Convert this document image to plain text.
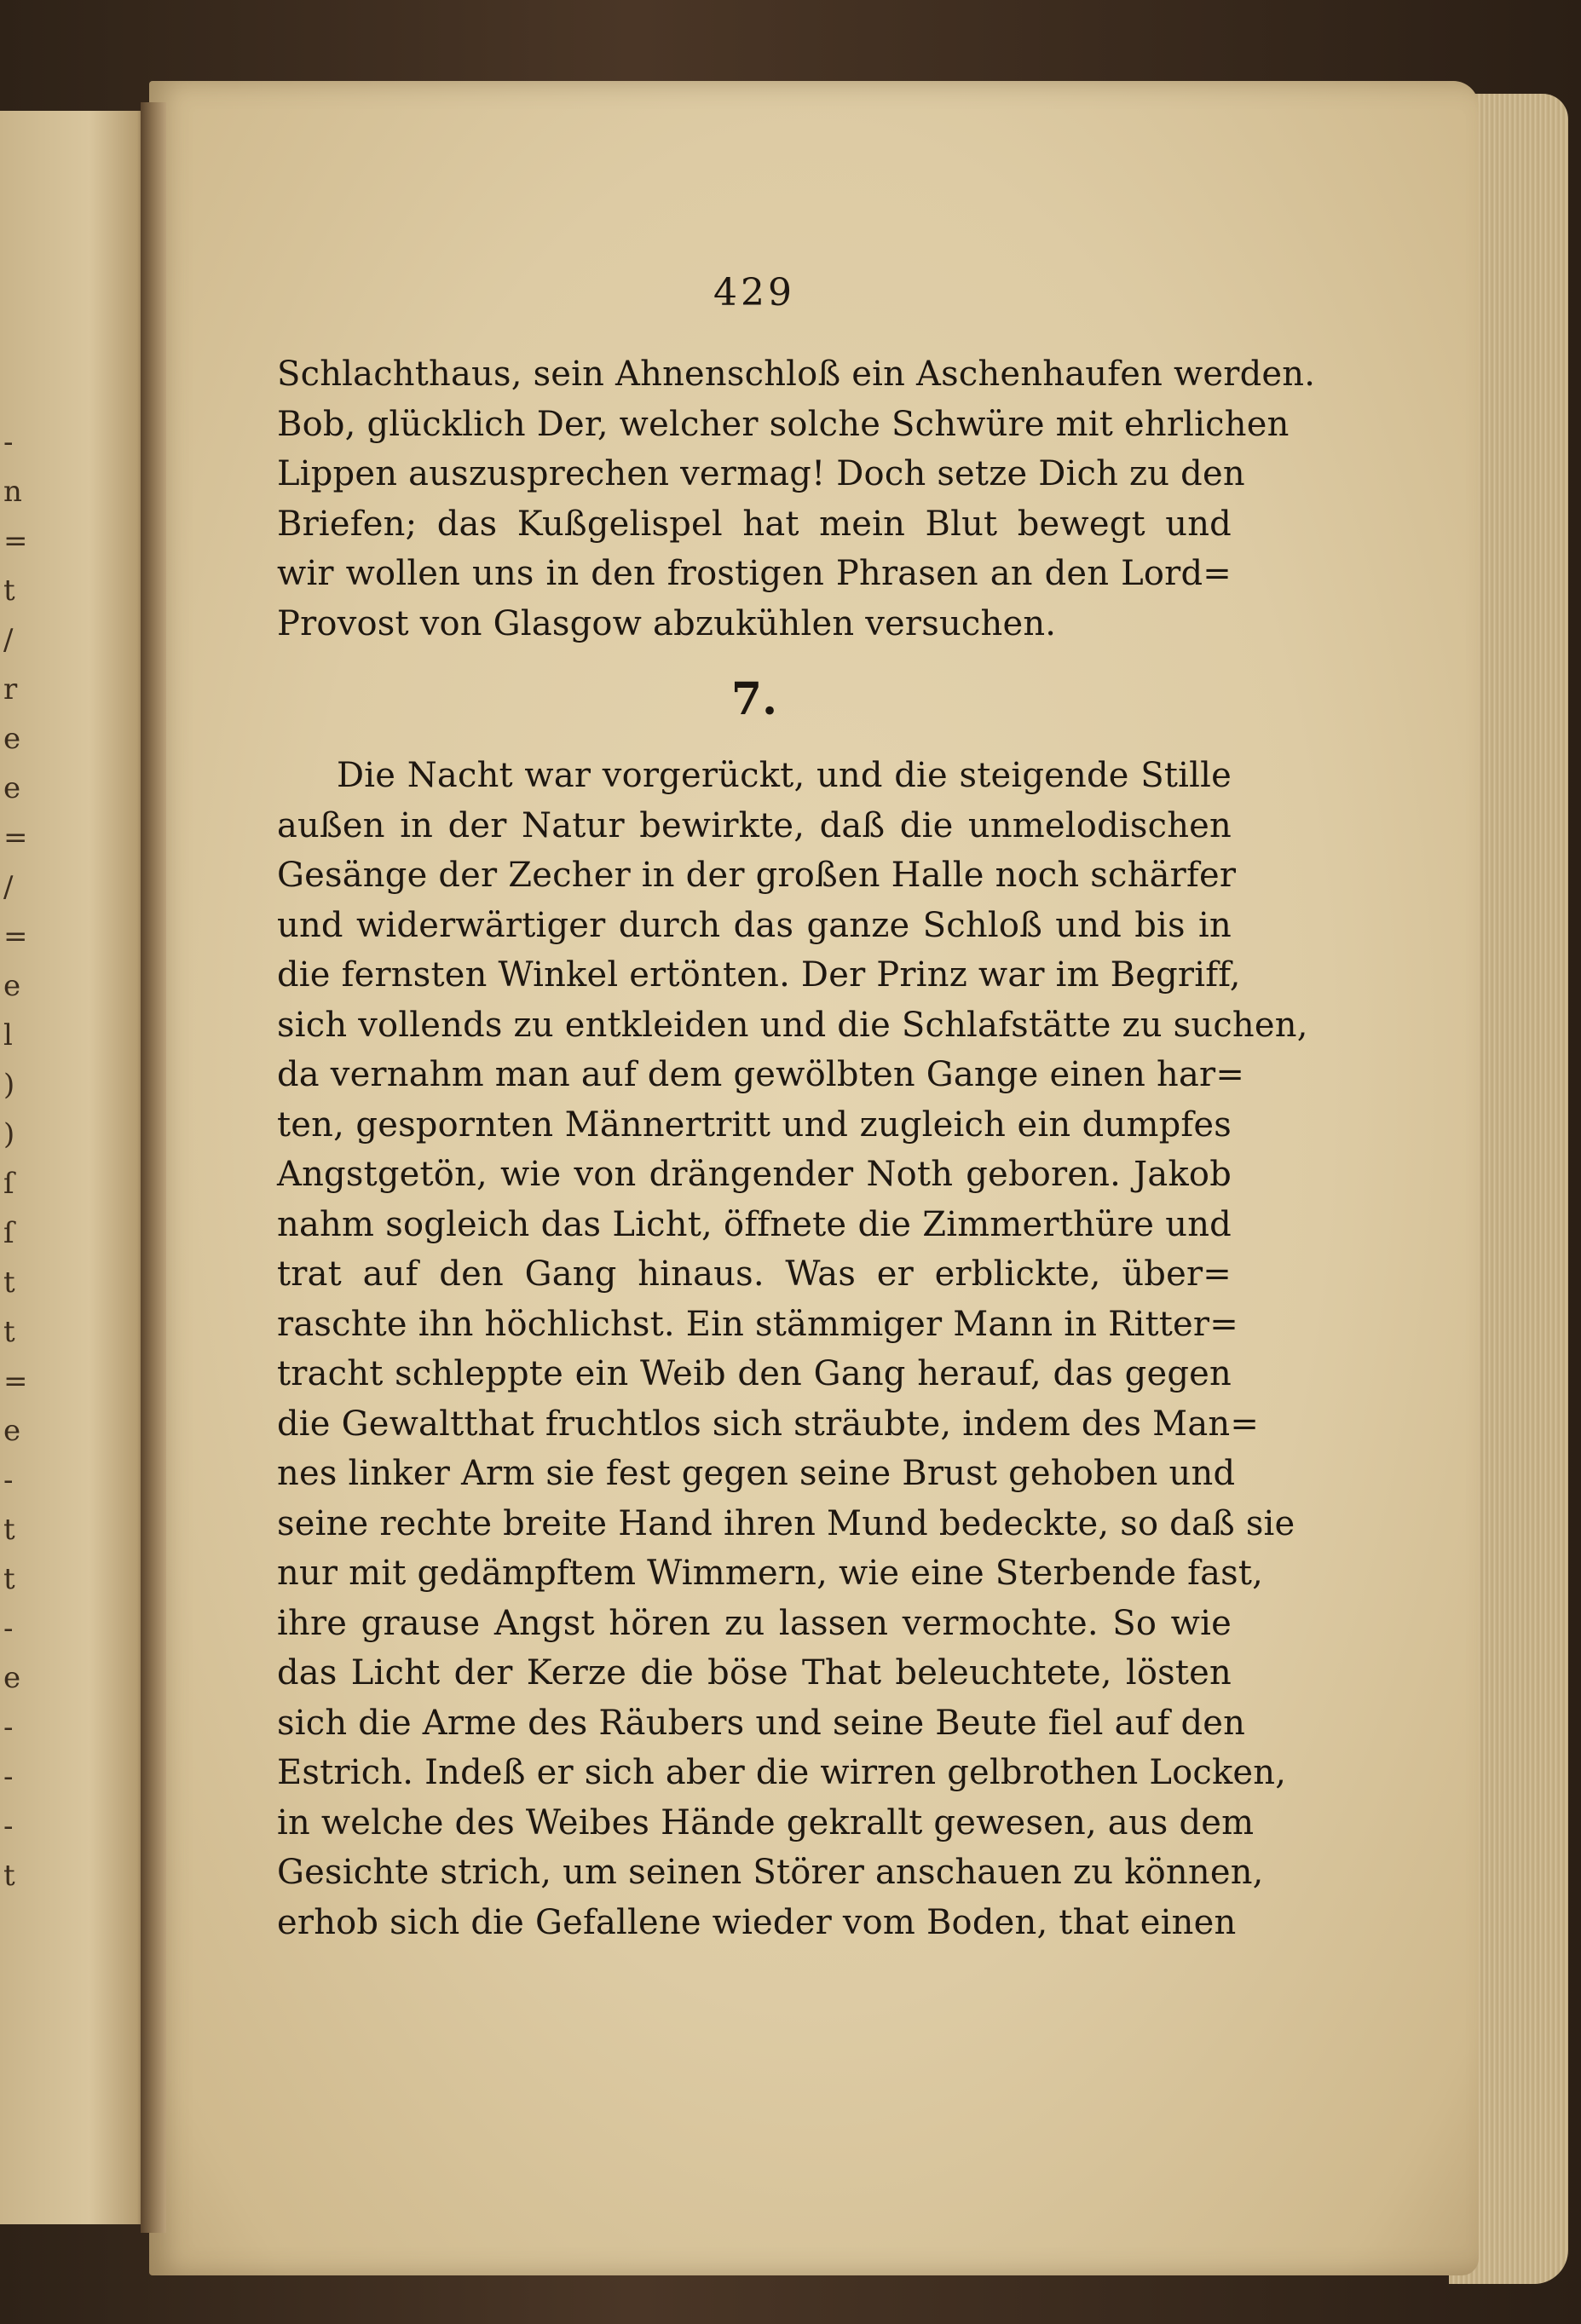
-
n
=
t
/
r
e
e
=
/
=
e
l
)
)
ſ
ſ
t
t
=
e
-
t
t
-
e
-
-
-
t
429
Schlachthaus, sein Ahnenschloß ein Aschenhaufen werden.
Bob, glücklich Der, welcher solche Schwüre mit ehrlichen
Lippen auszusprechen vermag! Doch setze Dich zu den
Briefen; das Kußgelispel hat mein Blut bewegt und
wir wollen uns in den frostigen Phrasen an den Lord=
Provost von Glasgow abzukühlen versuchen.
7.
Die Nacht war vorgerückt, und die steigende Stille
außen in der Natur bewirkte, daß die unmelodischen
Gesänge der Zecher in der großen Halle noch schärfer
und widerwärtiger durch das ganze Schloß und bis in
die fernsten Winkel ertönten. Der Prinz war im Begriff,
sich vollends zu entkleiden und die Schlafstätte zu suchen,
da vernahm man auf dem gewölbten Gange einen har=
ten, gespornten Männertritt und zugleich ein dumpfes
Angstgetön, wie von drängender Noth geboren. Jakob
nahm sogleich das Licht, öffnete die Zimmerthüre und
trat auf den Gang hinaus. Was er erblickte, über=
raschte ihn höchlichst. Ein stämmiger Mann in Ritter=
tracht schleppte ein Weib den Gang herauf, das gegen
die Gewaltthat fruchtlos sich sträubte, indem des Man=
nes linker Arm sie fest gegen seine Brust gehoben und
seine rechte breite Hand ihren Mund bedeckte, so daß sie
nur mit gedämpftem Wimmern, wie eine Sterbende fast,
ihre grause Angst hören zu lassen vermochte. So wie
das Licht der Kerze die böse That beleuchtete, lösten
sich die Arme des Räubers und seine Beute fiel auf den
Estrich. Indeß er sich aber die wirren gelbrothen Locken,
in welche des Weibes Hände gekrallt gewesen, aus dem
Gesichte strich, um seinen Störer anschauen zu können,
erhob sich die Gefallene wieder vom Boden, that einen
